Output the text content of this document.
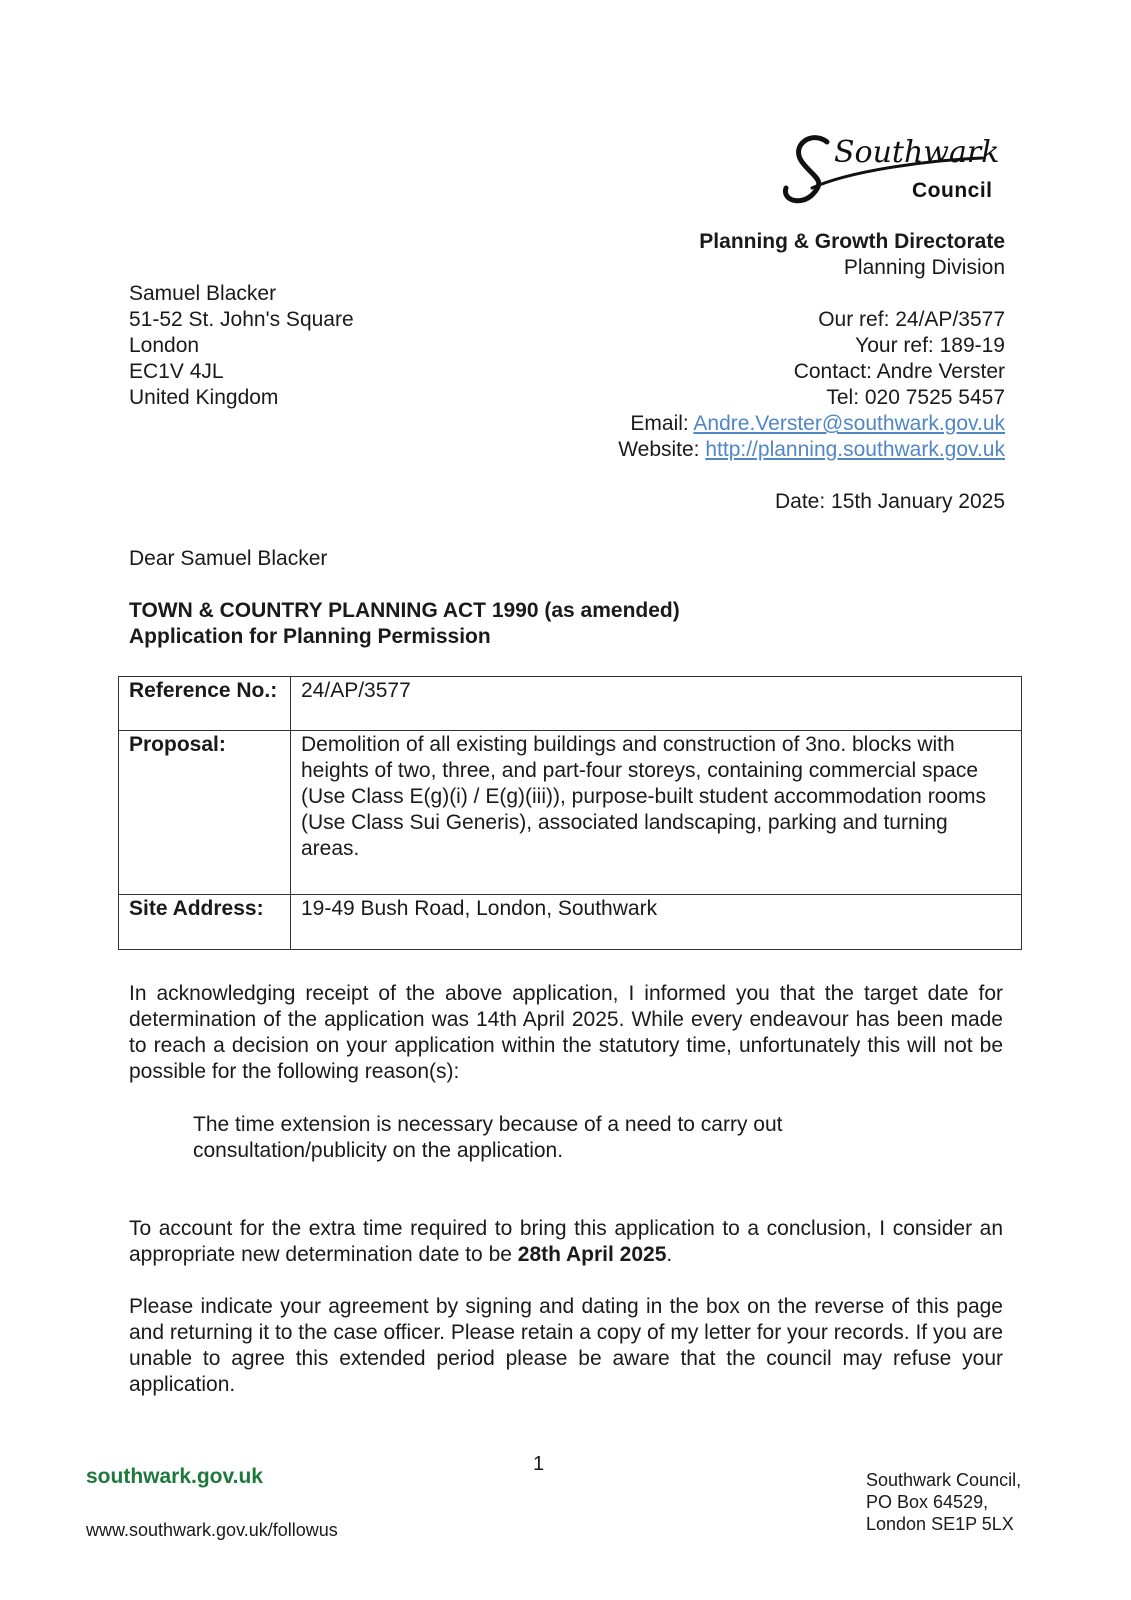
Southwark
Council
Planning & Growth Directorate
Planning Division
Our ref: 24/AP/3577
Your ref: 189-19
Contact: Andre Verster
Tel: 020 7525 5457
Email: Andre.Verster@southwark.gov.uk
Website: http://planning.southwark.gov.uk
Date: 15th January 2025
Samuel Blacker
51-52 St. John's Square
London
EC1V 4JL
United Kingdom
Dear Samuel Blacker
TOWN & COUNTRY PLANNING ACT 1990 (as amended)
Application for Planning Permission
Reference No.:	24/AP/3577
Proposal:	Demolition of all existing buildings and construction of 3no. blocks with heights of two, three, and part-four storeys, containing commercial space (Use Class E(g)(i) / E(g)(iii)), purpose-built student accommodation rooms (Use Class Sui Generis), associated landscaping, parking and turning areas.
Site Address:	19-49 Bush Road, London, Southwark
In acknowledging receipt of the above application, I informed you that the target date for determination of the application was 14th April 2025. While every endeavour has been made to reach a decision on your application within the statutory time, unfortunately this will not be possible for the following reason(s):
The time extension is necessary because of a need to carry out consultation/publicity on the application.
To account for the extra time required to bring this application to a conclusion, I consider an appropriate new determination date to be 28th April 2025.
Please indicate your agreement by signing and dating in the box on the reverse of this page and returning it to the case officer. Please retain a copy of my letter for your records. If you are unable to agree this extended period please be aware that the council may refuse your application.
1
southwark.gov.uk
www.southwark.gov.uk/followus
Southwark Council,
PO Box 64529,
London SE1P 5LX
